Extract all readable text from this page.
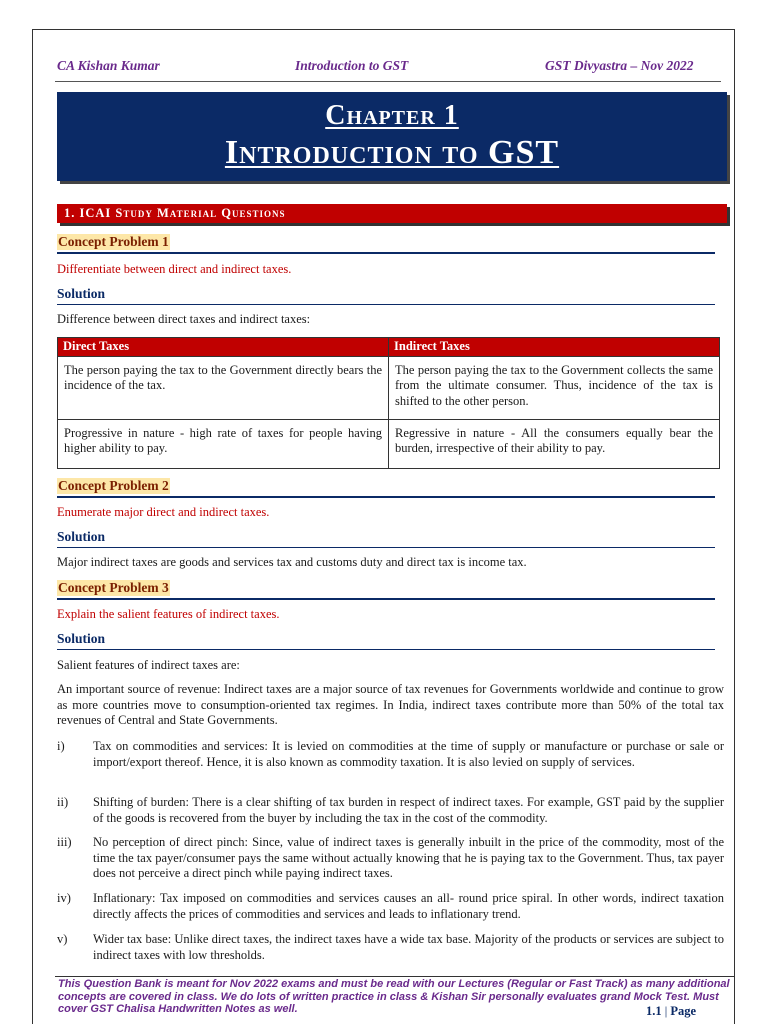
CA Kishan Kumar	Introduction to GST	GST Divyastra – Nov 2022
Chapter 1
Introduction to GST
1. ICAI Study Material Questions
Concept Problem 1
Differentiate between direct and indirect taxes.
Solution
Difference between direct taxes and indirect taxes:
Direct Taxes	Indirect Taxes
The person paying the tax to the Government directly bears the incidence of the tax.	The person paying the tax to the Government collects the same from the ultimate consumer. Thus, incidence of the tax is shifted to the other person.
Progressive in nature - high rate of taxes for people having higher ability to pay.	Regressive in nature - All the consumers equally bear the burden, irrespective of their ability to pay.
Concept Problem 2
Enumerate major direct and indirect taxes.
Solution
Major indirect taxes are goods and services tax and customs duty and direct tax is income tax.
Concept Problem 3
Explain the salient features of indirect taxes.
Solution
Salient features of indirect taxes are:
An important source of revenue: Indirect taxes are a major source of tax revenues for Governments worldwide and continue to grow as more countries move to consumption-oriented tax regimes. In India, indirect taxes contribute more than 50% of the total tax revenues of Central and State Governments.
i) Tax on commodities and services: It is levied on commodities at the time of supply or manufacture or purchase or sale or import/export thereof. Hence, it is also known as commodity taxation. It is also levied on supply of services.
ii) Shifting of burden: There is a clear shifting of tax burden in respect of indirect taxes. For example, GST paid by the supplier of the goods is recovered from the buyer by including the tax in the cost of the commodity.
iii) No perception of direct pinch: Since, value of indirect taxes is generally inbuilt in the price of the commodity, most of the time the tax payer/consumer pays the same without actually knowing that he is paying tax to the Government. Thus, tax payer does not perceive a direct pinch while paying indirect taxes.
iv) Inflationary: Tax imposed on commodities and services causes an all- round price spiral. In other words, indirect taxation directly affects the prices of commodities and services and leads to inflationary trend.
v) Wider tax base: Unlike direct taxes, the indirect taxes have a wide tax base. Majority of the products or services are subject to indirect taxes with low thresholds.
This Question Bank is meant for Nov 2022 exams and must be read with our Lectures (Regular or Fast Track) as many additional concepts are covered in class. We do lots of written practice in class & Kishan Sir personally evaluates grand Mock Test. Must cover GST Chalisa Handwritten Notes as well.	1.1 | Page
